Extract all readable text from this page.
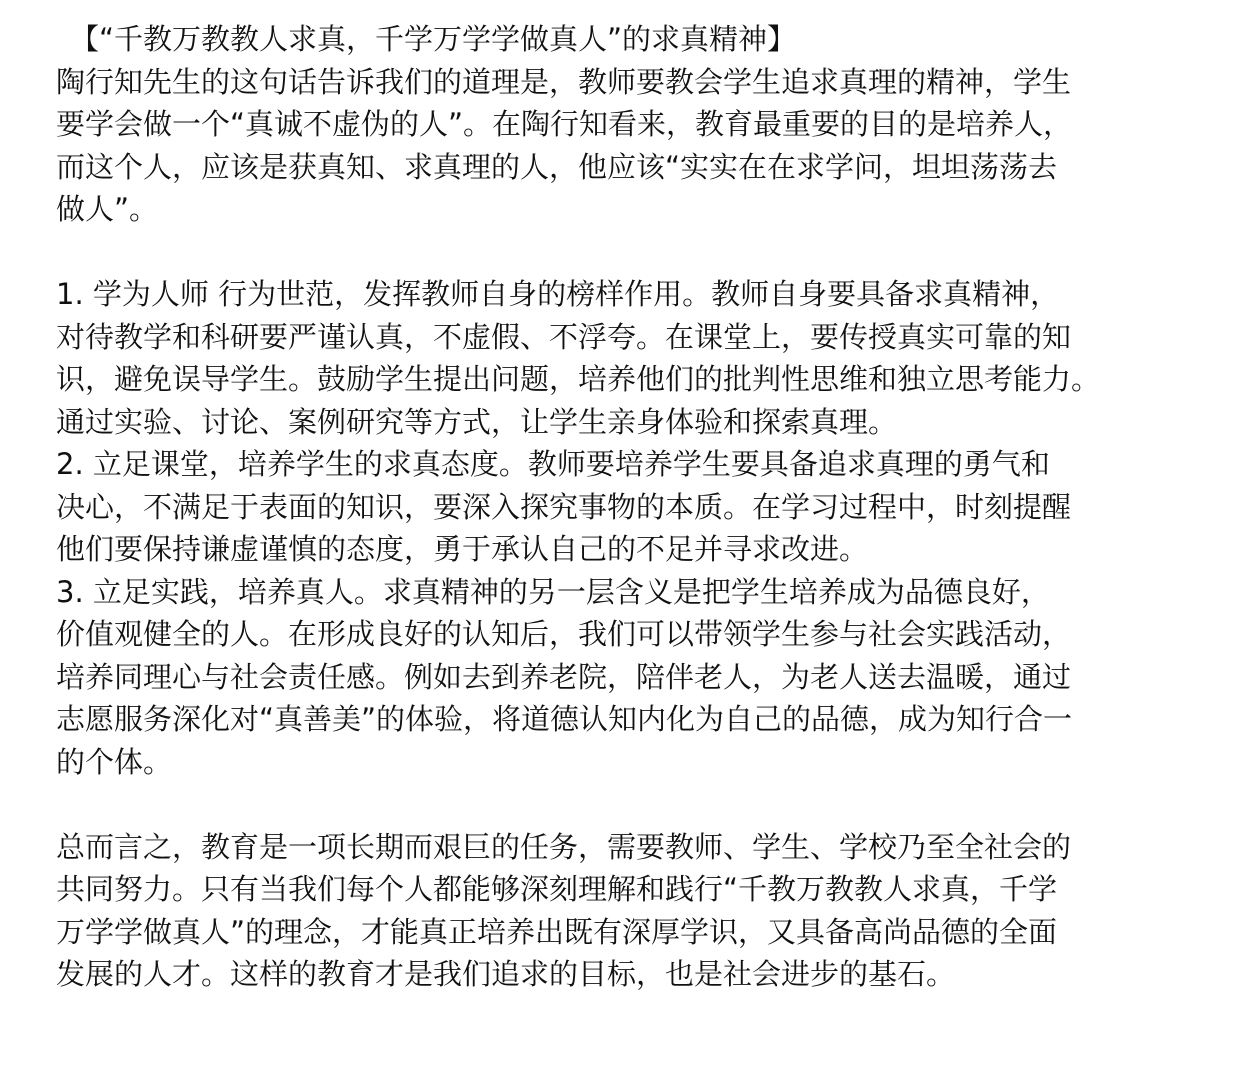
【“千教万教教人求真，千学万学学做真人”的求真精神】
陶行知先生的这句话告诉我们的道理是，教师要教会学生追求真理的精神，学生
要学会做一个“真诚不虚伪的人”。在陶行知看来，教育最重要的目的是培养人，
而这个人，应该是获真知、求真理的人，他应该“实实在在求学问，坦坦荡荡去
做人”。
1. 学为人师 行为世范，发挥教师自身的榜样作用。教师自身要具备求真精神，
对待教学和科研要严谨认真，不虚假、不浮夸。在课堂上，要传授真实可靠的知
识，避免误导学生。鼓励学生提出问题，培养他们的批判性思维和独立思考能力。
通过实验、讨论、案例研究等方式，让学生亲身体验和探索真理。
2. 立足课堂，培养学生的求真态度。教师要培养学生要具备追求真理的勇气和
决心，不满足于表面的知识，要深入探究事物的本质。在学习过程中，时刻提醒
他们要保持谦虚谨慎的态度，勇于承认自己的不足并寻求改进。
3. 立足实践，培养真人。求真精神的另一层含义是把学生培养成为品德良好，
价值观健全的人。在形成良好的认知后，我们可以带领学生参与社会实践活动，
培养同理心与社会责任感。例如去到养老院，陪伴老人，为老人送去温暖，通过
志愿服务深化对“真善美”的体验，将道德认知内化为自己的品德，成为知行合一
的个体。
总而言之，教育是一项长期而艰巨的任务，需要教师、学生、学校乃至全社会的
共同努力。只有当我们每个人都能够深刻理解和践行“千教万教教人求真，千学
万学学做真人”的理念，才能真正培养出既有深厚学识，又具备高尚品德的全面
发展的人才。这样的教育才是我们追求的目标，也是社会进步的基石。
